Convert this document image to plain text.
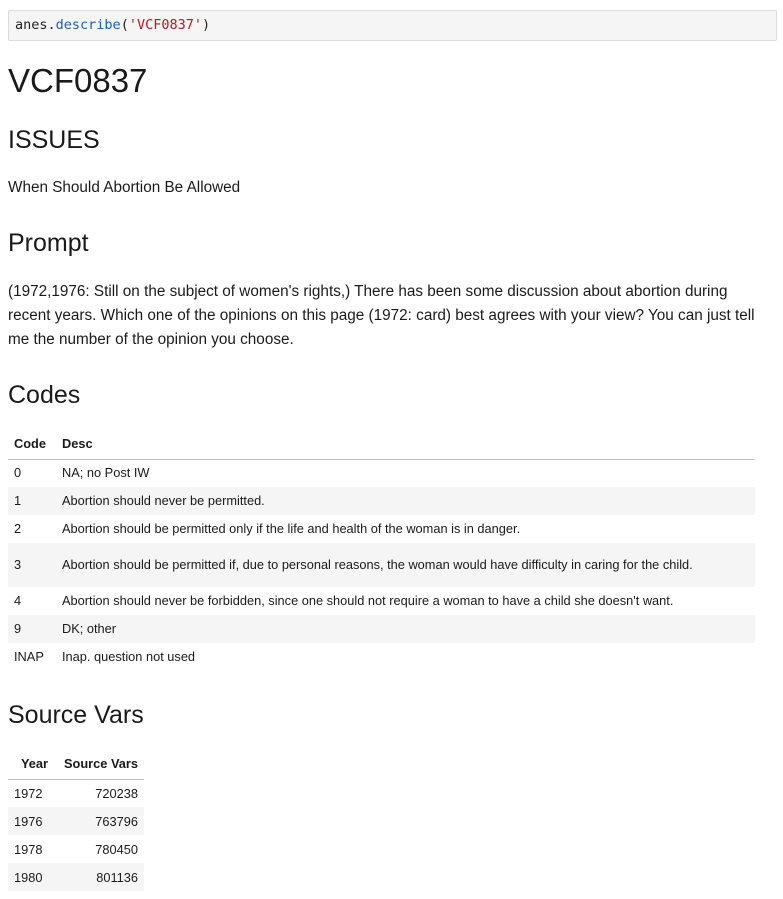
anes.describe('VCF0837')
VCF0837
ISSUES

When Should Abortion Be Allowed

Prompt

(1972,1976: Still on the subject of women's rights,) There has been some discussion about abortion during recent years. Which one of the opinions on this page (1972: card) best agrees with your view? You can just tell me the number of the opinion you choose.

Codes
Code	Desc
0	NA; no Post IW
1	Abortion should never be permitted.
2	Abortion should be permitted only if the life and health of the woman is in danger.
3	Abortion should be permitted if, due to personal reasons, the woman would have difficulty in caring for the child.
4	Abortion should never be forbidden, since one should not require a woman to have a child she doesn't want.
9	DK; other
INAP	Inap. question not used
Source Vars
Year	Source Vars
1972	720238
1976	763796
1978	780450
1980	801136
